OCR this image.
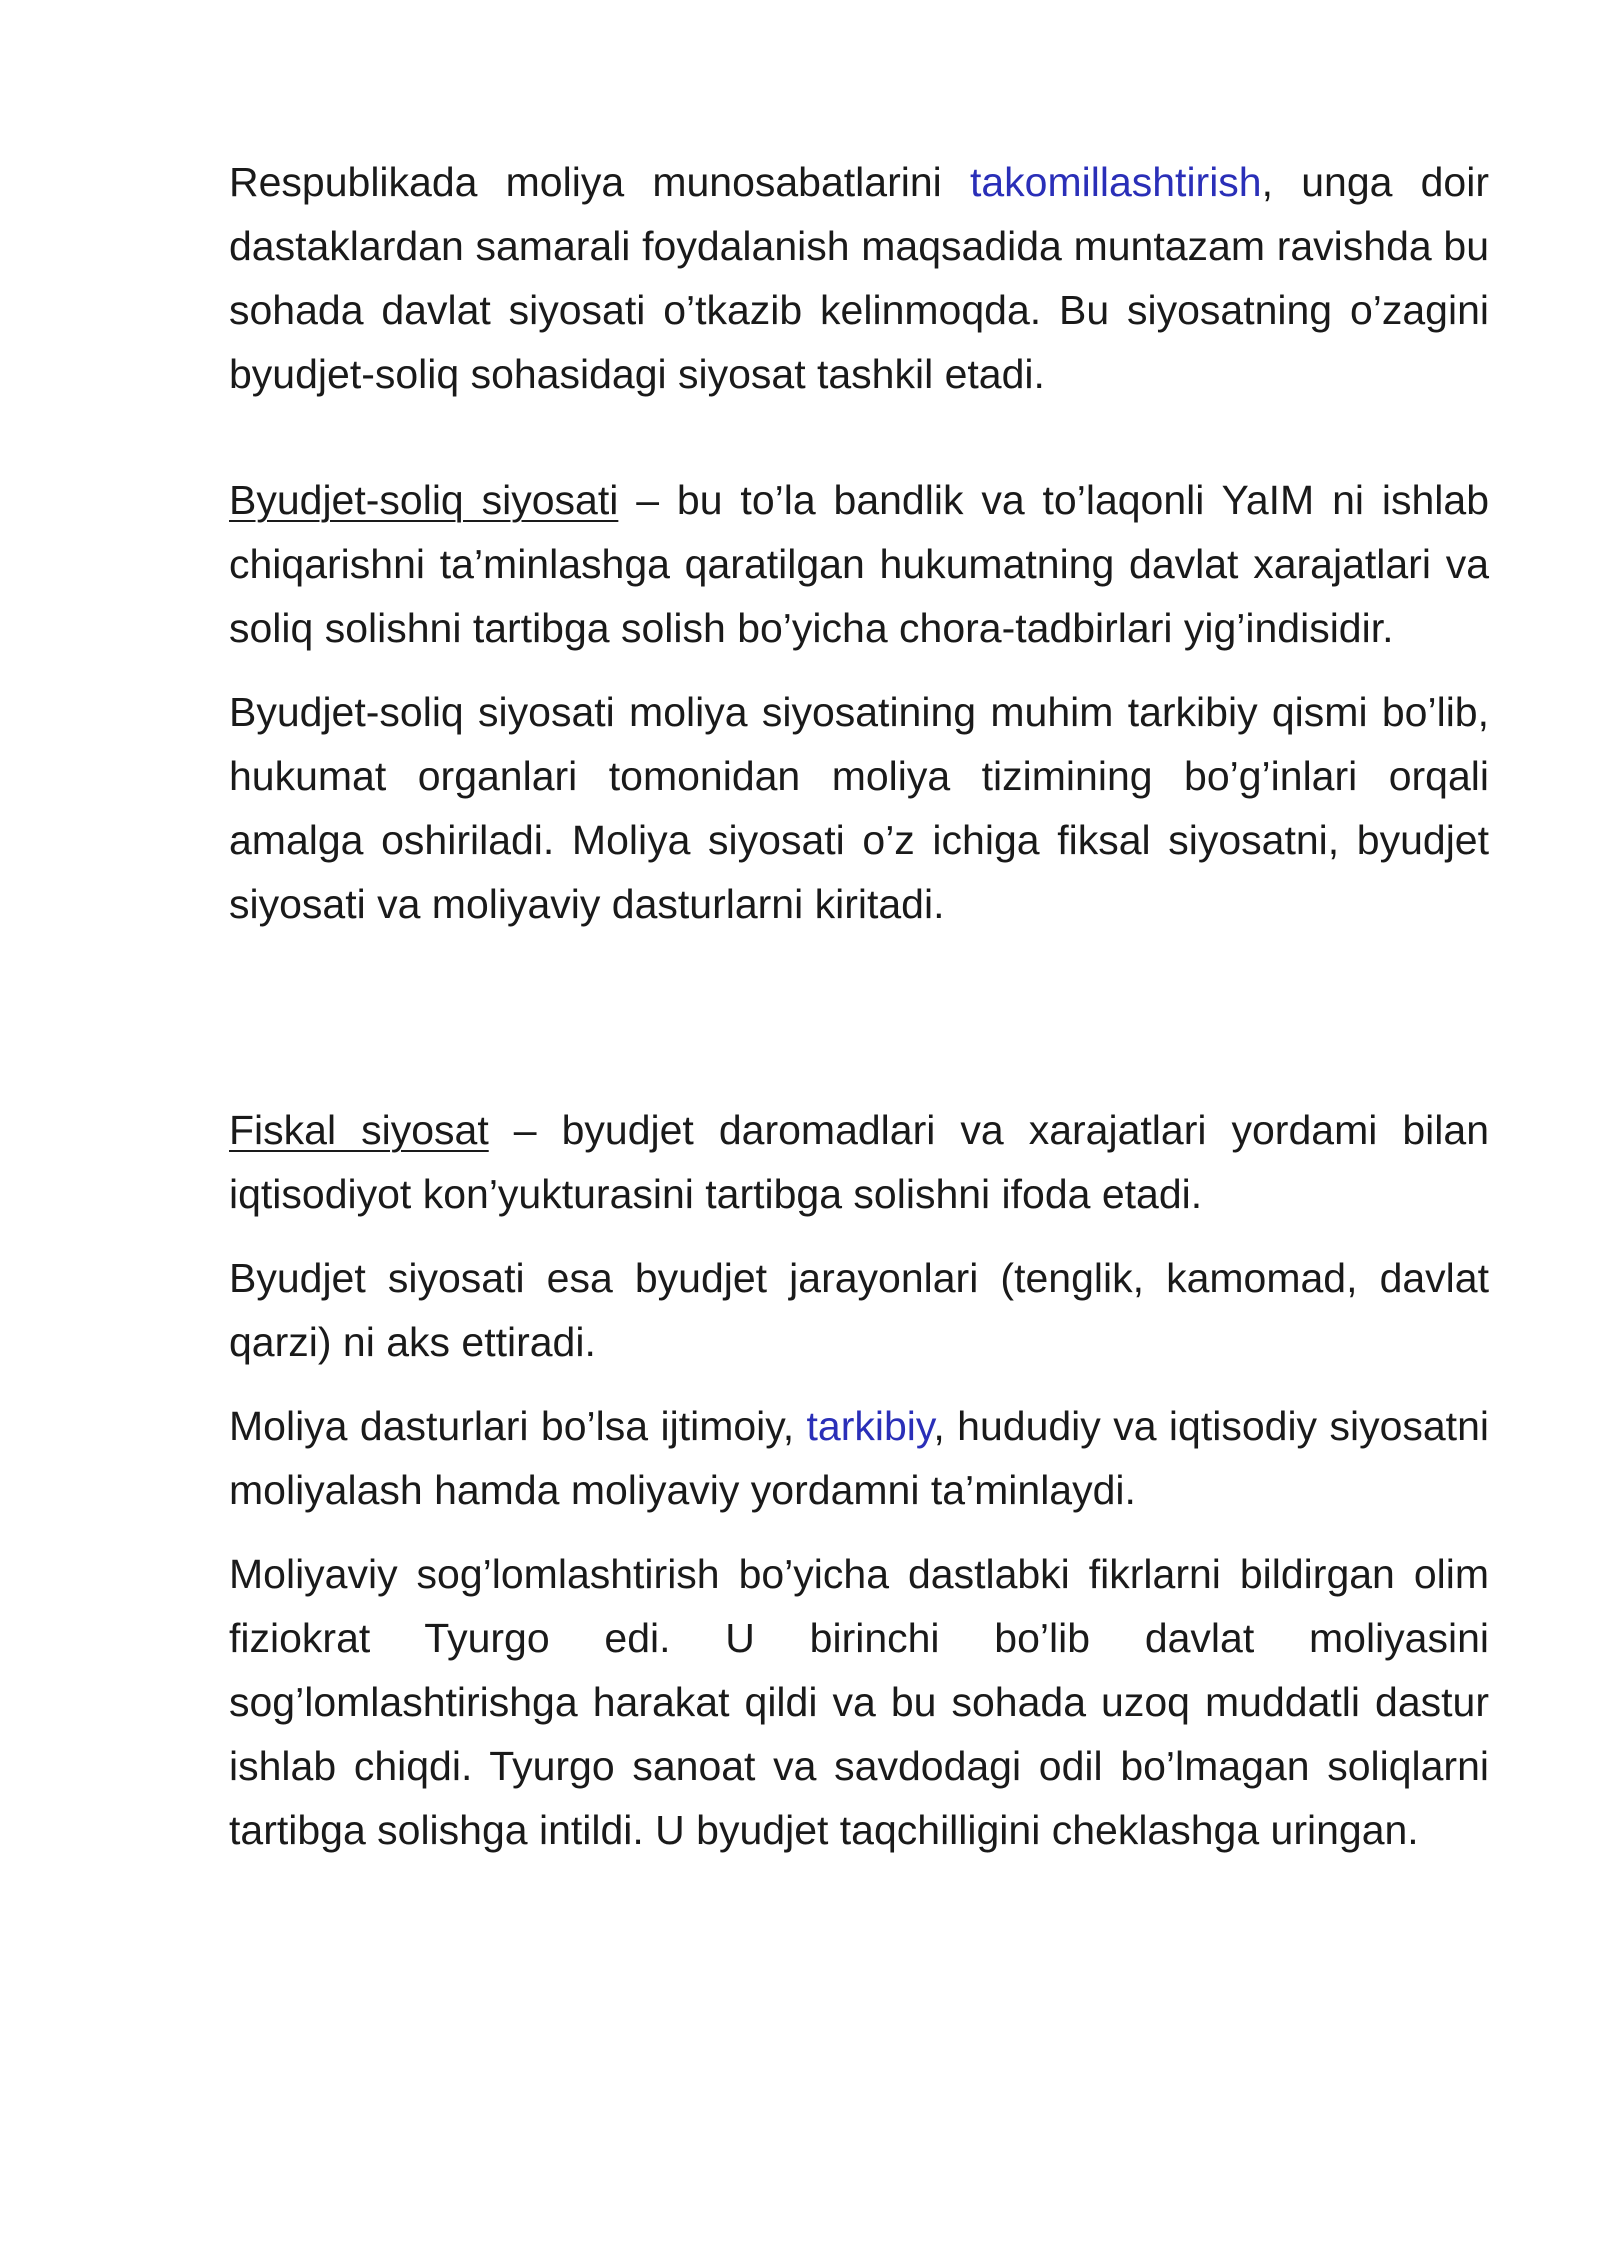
Respublikada moliya munosabatlarini takomillashtirish, unga doir dastaklardan samarali foydalanish maqsadida muntazam ravishda bu sohada davlat siyosati o’tkazib kelinmoqda. Bu siyosatning o’zagini byudjet-soliq sohasidagi siyosat tashkil etadi.

Byudjet-soliq siyosati – bu to’la bandlik va to’laqonli YaIM ni ishlab chiqarishni ta’minlashga qaratilgan hukumatning davlat xarajatlari va soliq solishni tartibga solish bo’yicha chora-tadbirlari yig’indisidir.

Byudjet-soliq siyosati moliya siyosatining muhim tarkibiy qismi bo’lib, hukumat organlari tomonidan moliya tizimining bo’g’inlari orqali amalga oshiriladi. Moliya siyosati o’z ichiga fiksal siyosatni, byudjet siyosati va moliyaviy dasturlarni kiritadi.

Fiskal siyosat – byudjet daromadlari va xarajatlari yordami bilan iqtisodiyot kon’yukturasini tartibga solishni ifoda etadi.

Byudjet siyosati esa byudjet jarayonlari (tenglik, kamomad, davlat qarzi) ni aks ettiradi.

Moliya dasturlari bo’lsa ijtimoiy, tarkibiy, hududiy va iqtisodiy siyosatni moliyalash hamda moliyaviy yordamni ta’minlaydi.

Moliyaviy sog’lomlashtirish bo’yicha dastlabki fikrlarni bildirgan olim fiziokrat Tyurgo edi. U birinchi bo’lib davlat moliyasini sog’lomlashtirishga harakat qildi va bu sohada uzoq muddatli dastur ishlab chiqdi. Tyurgo sanoat va savdodagi odil bo’lmagan soliqlarni tartibga solishga intildi. U byudjet taqchilligini cheklashga uringan.
